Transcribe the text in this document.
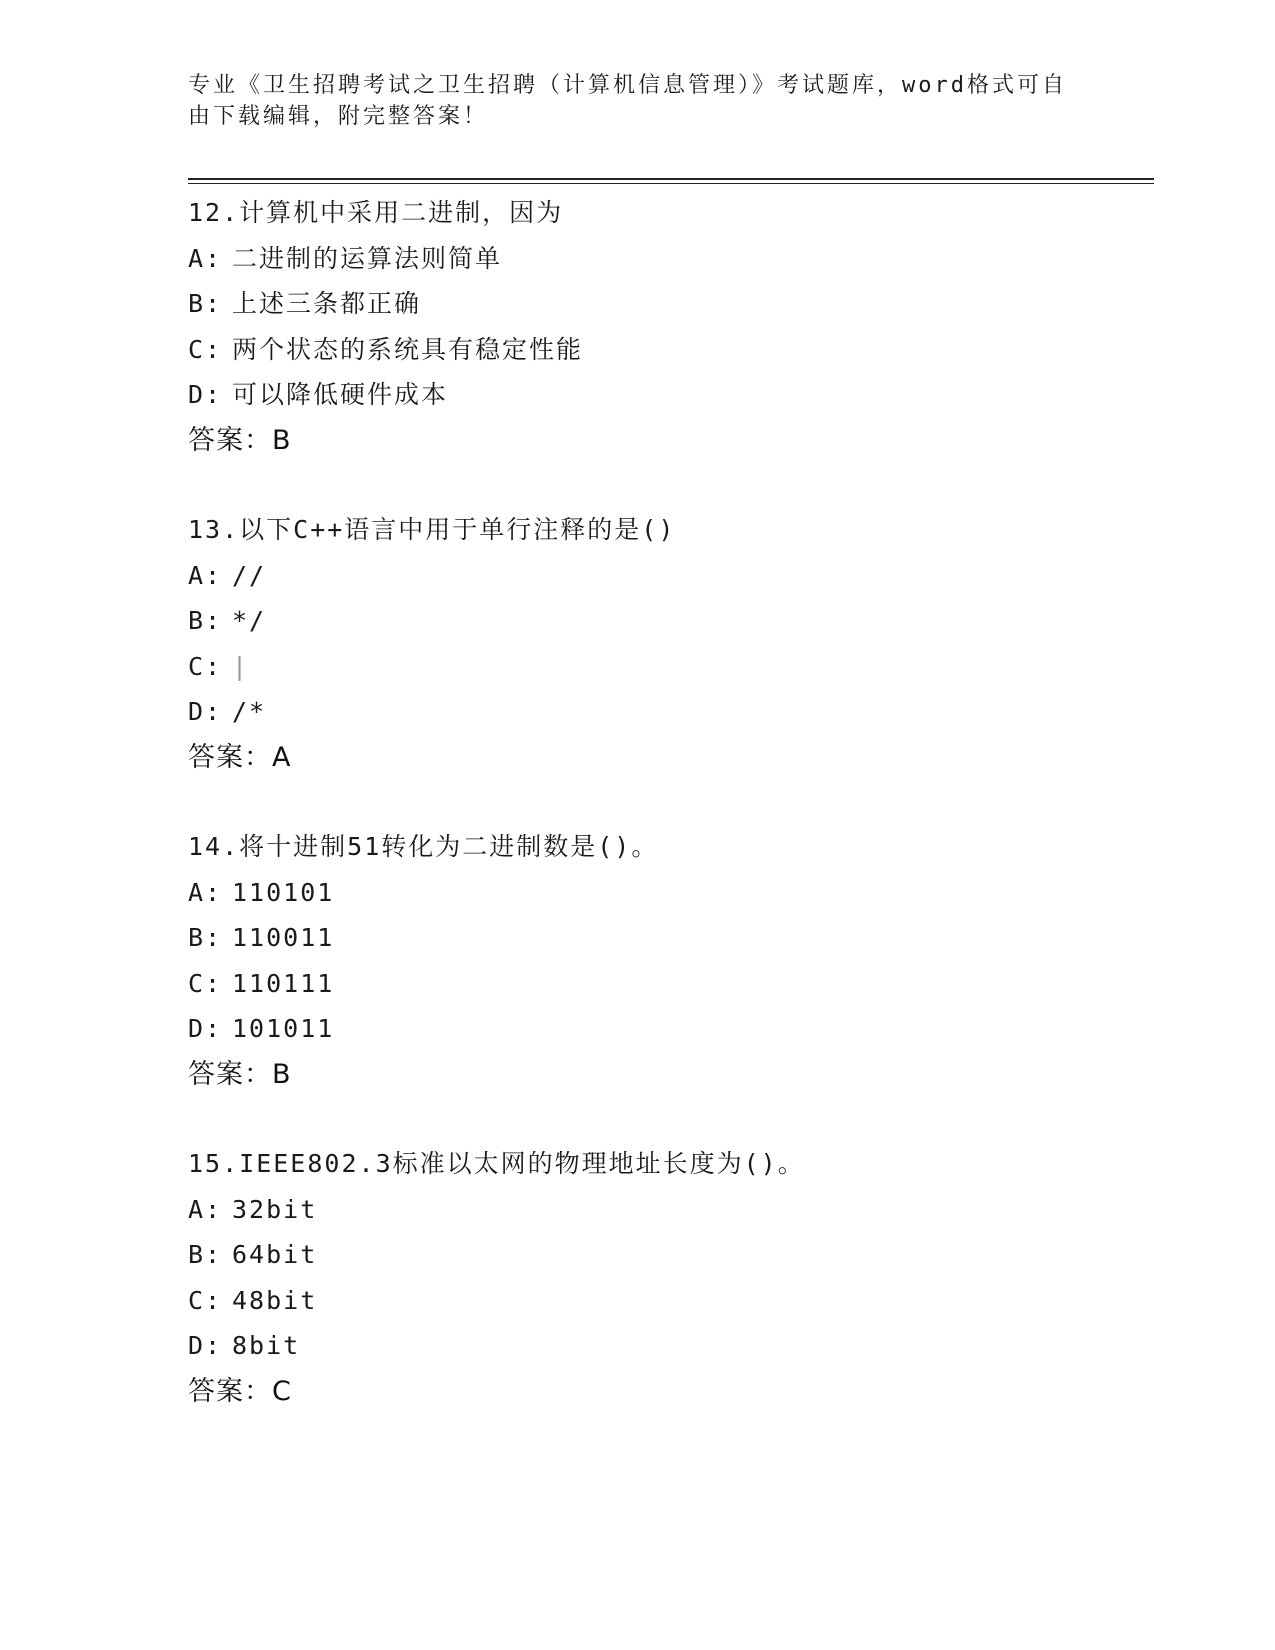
专业《卫生招聘考试之卫生招聘（计算机信息管理）》考试题库，word格式可自
由下载编辑，附完整答案！
12.计算机中采用二进制，因为
A: 二进制的运算法则简单
B: 上述三条都正确
C: 两个状态的系统具有稳定性能
D: 可以降低硬件成本
答案：B
13.以下C++语言中用于单行注释的是()
A: //
B: */
C: |
D: /*
答案：A
14.将十进制51转化为二进制数是()。
A: 110101
B: 110011
C: 110111
D: 101011
答案：B
15.IEEE802.3标准以太网的物理地址长度为()。
A: 32bit
B: 64bit
C: 48bit
D: 8bit
答案：C
